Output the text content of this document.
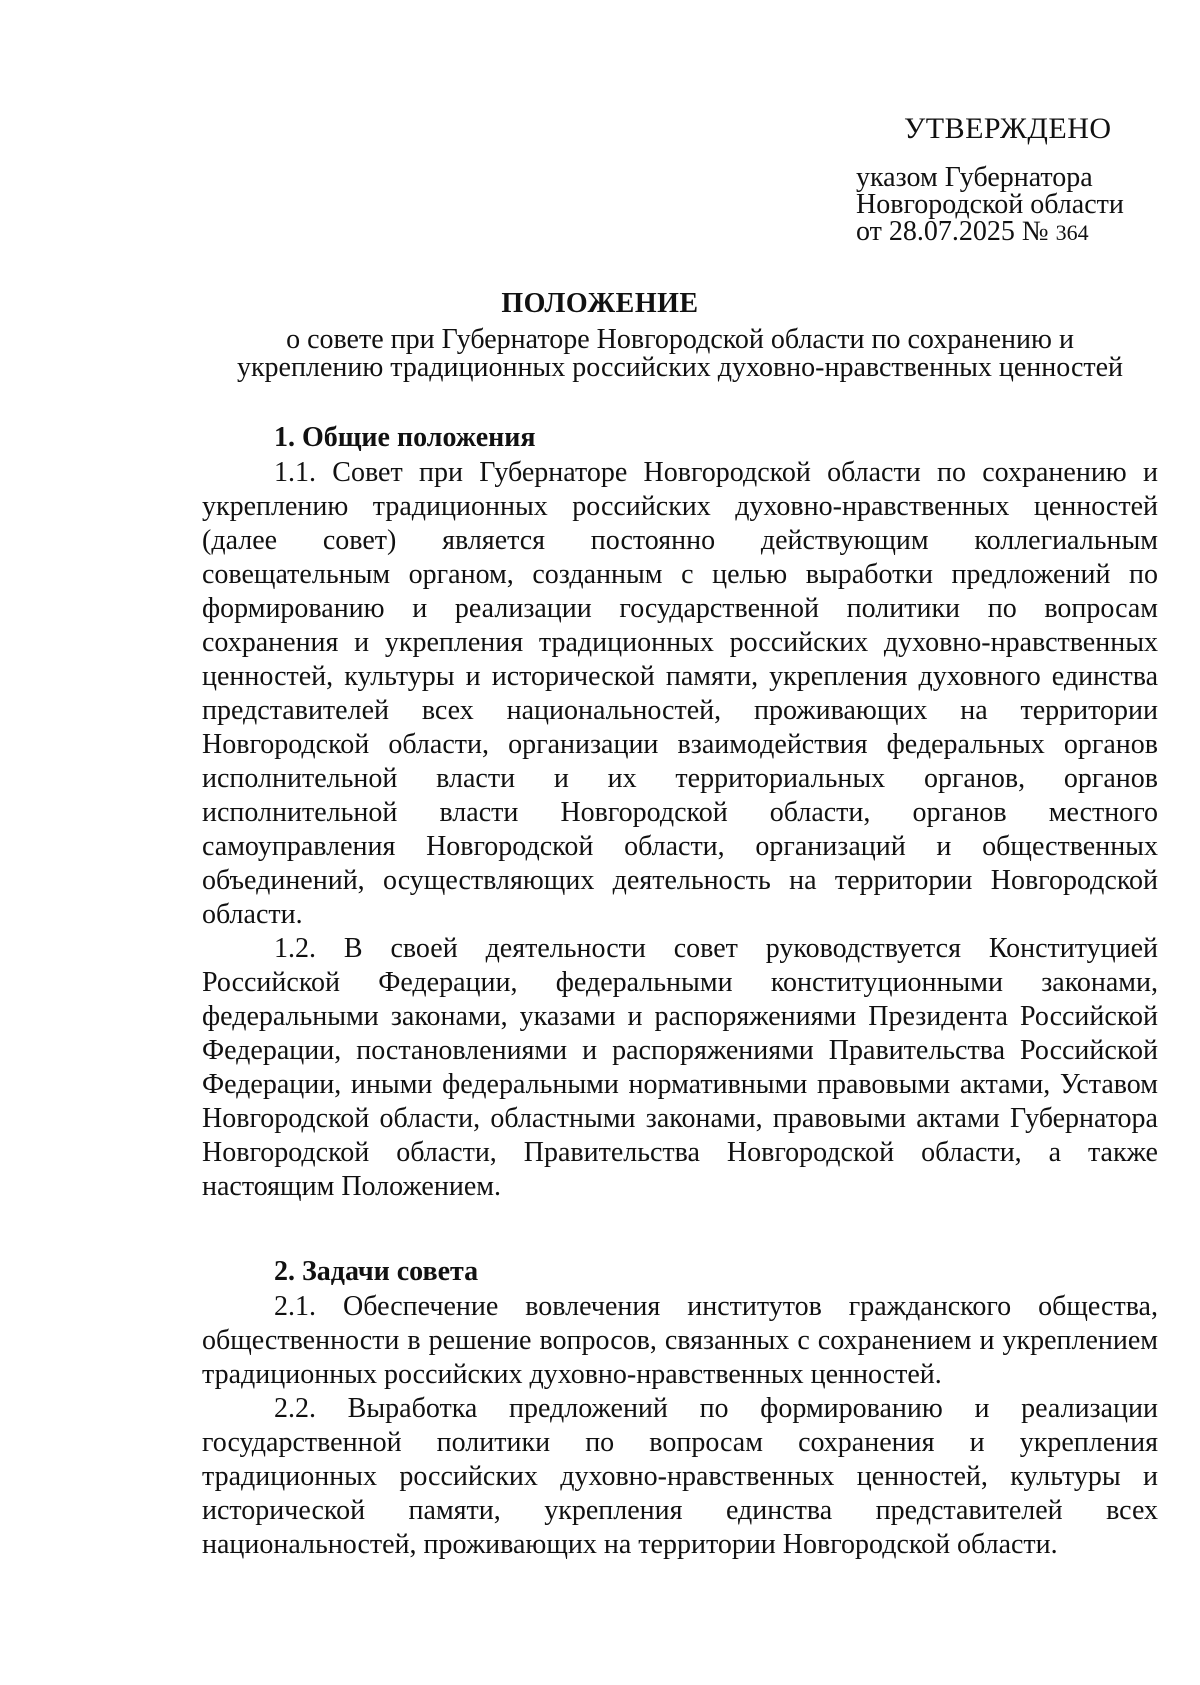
УТВЕРЖДЕНО
указом Губернатора
Новгородской области
от 28.07.2025 № 364
ПОЛОЖЕНИЕ
о совете при Губернаторе Новгородской области по сохранению и
укреплению традиционных российских духовно-нравственных ценностей
1. Общие положения

1.1. Совет при Губернаторе Новгородской области по сохранению и укреплению традиционных российских духовно-нравственных ценностей (далее совет) является постоянно действующим коллегиальным совещательным органом, созданным с целью выработки предложений по формированию и реализации государственной политики по вопросам сохранения и укрепления традиционных российских духовно-нравственных ценностей, культуры и исторической памяти, укрепления духовного единства представителей всех национальностей, проживающих на территории Новгородской области, организации взаимодействия федеральных органов исполнительной власти и их территориальных органов, органов исполнительной власти Новгородской области, органов местного самоуправления Новгородской области, организаций и общественных объединений, осуществляющих деятельность на территории Новгородской области.

1.2. В своей деятельности совет руководствуется Конституцией Российской Федерации, федеральными конституционными законами, федеральными законами, указами и распоряжениями Президента Российской Федерации, постановлениями и распоряжениями Правительства Российской Федерации, иными федеральными нормативными правовыми актами, Уставом Новгородской области, областными законами, правовыми актами Губернатора Новгородской области, Правительства Новгородской области, а также настоящим Положением.

2. Задачи совета

2.1. Обеспечение вовлечения институтов гражданского общества, общественности в решение вопросов, связанных с сохранением и укреплением традиционных российских духовно-нравственных ценностей.

2.2. Выработка предложений по формированию и реализации государственной политики по вопросам сохранения и укрепления традиционных российских духовно-нравственных ценностей, культуры и исторической памяти, укрепления единства представителей всех национальностей, проживающих на территории Новгородской области.
